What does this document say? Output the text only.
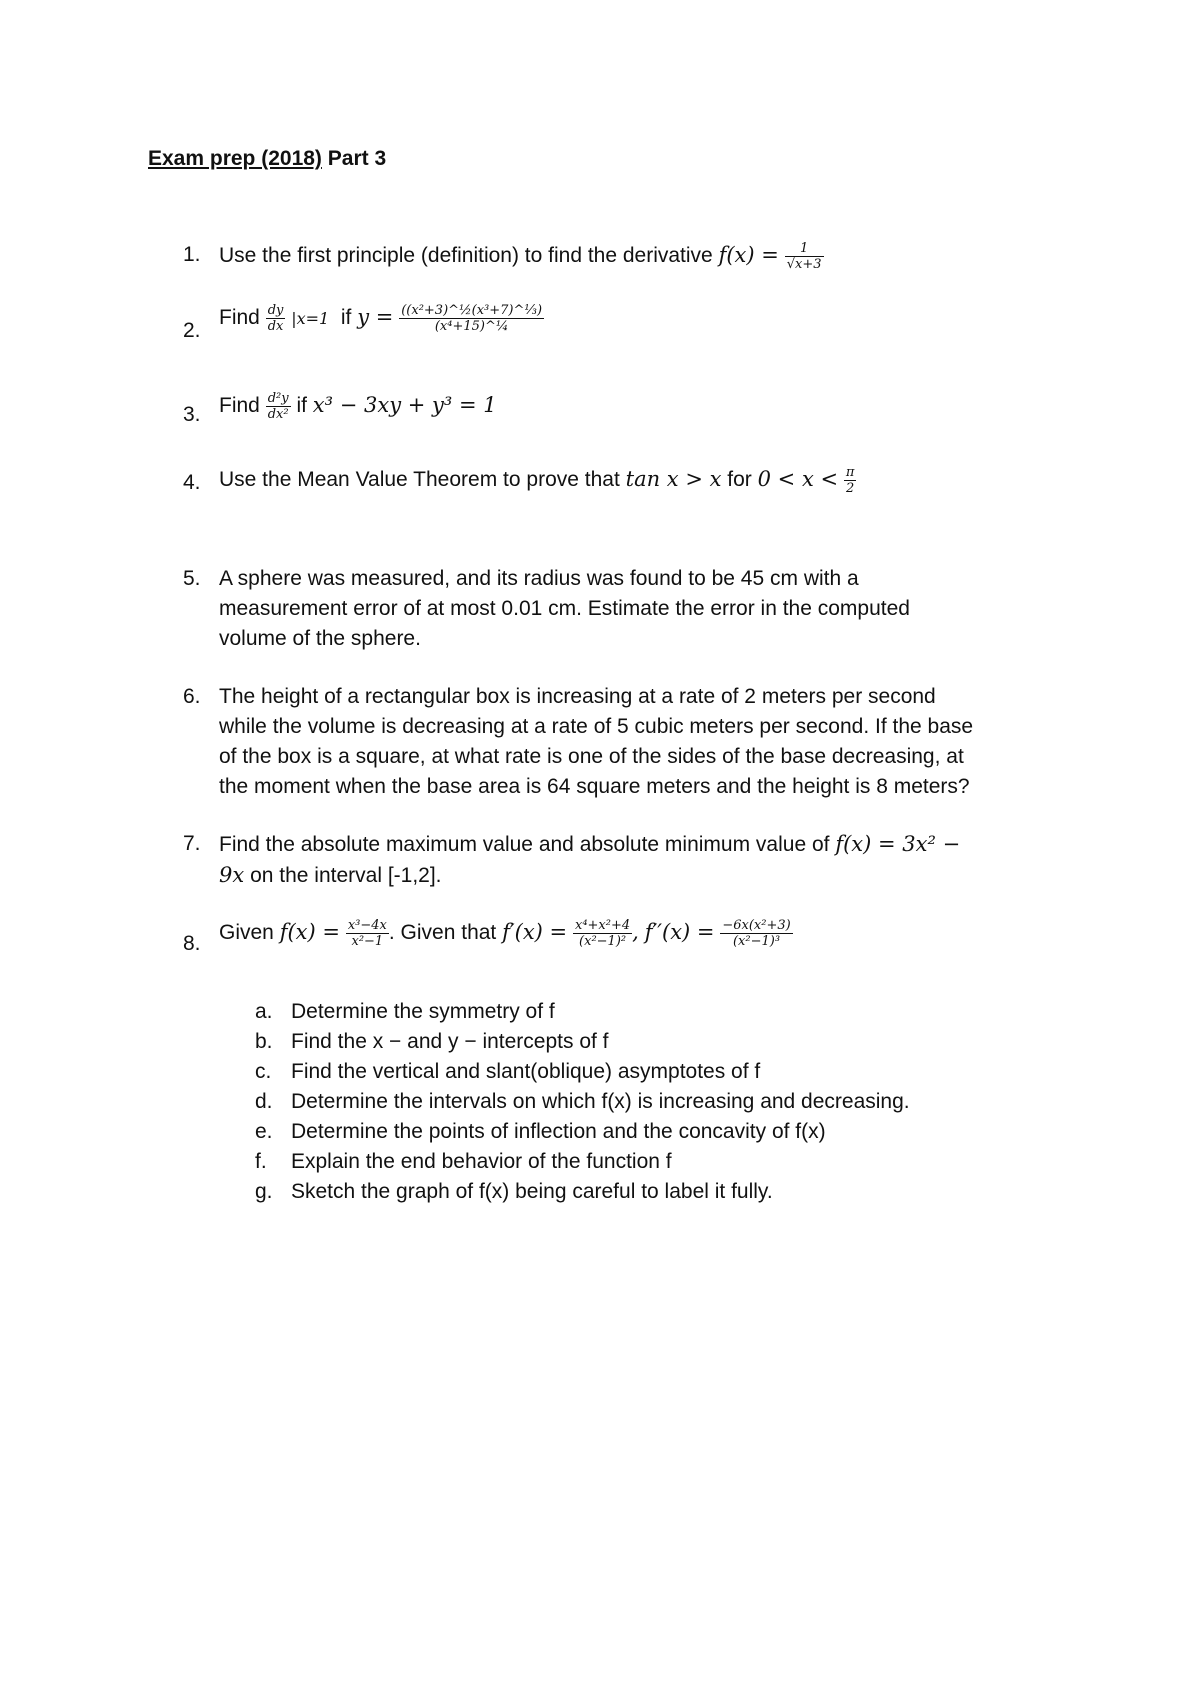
Exam prep (2018) Part 3
1. Use the first principle (definition) to find the derivative $f(x) = \frac{1}{√x+3}$
2.
Find $\frac{dy}{dx} |x=1$ if $y = \frac{\text{((x²+3)\textasciicircum{}½(x³+7)\textasciicircum{}⅓)}}{\text{(x⁴+15)\textasciicircum{}¼}}$
3. Find $\frac{\text{d²y}}{\text{dx²}}$ if x³ − 3xy + y³ = 1
4. Use the Mean Value Theorem to prove that tan x > x for $0 < x < \frac{\pi}{2}$
5. A sphere was measured, and its radius was found to be 45 cm with a
measurement error of at most 0.01 cm. Estimate the error in the computed
volume of the sphere.
6. The height of a rectangular box is increasing at a rate of 2 meters per second
while the volume is decreasing at a rate of 5 cubic meters per second. If the base
of the box is a square, at what rate is one of the sides of the base decreasing, at
the moment when the base area is 64 square meters and the height is 8 meters?
7. Find the absolute maximum value and absolute minimum value of f(x) = 3x² −
9x on the interval [-1,2].
8. Given $f(x) = \frac{\text{x³−4x}}{\text{x²−1}}$ . Given that $f'(x) = \frac{\text{x⁴+x²+4}}{\text{(x²−1)²}}$ , $f''(x) = \frac{\text{−6x(x²+3)}}{\text{(x²−1)³}}$
a. Determine the symmetry of f
b. Find the x − and y − intercepts of f
c. Find the vertical and slant(oblique) asymptotes of f
d. Determine the intervals on which f(x) is increasing and decreasing.
e. Determine the points of inflection and the concavity of f(x)
f.	Explain the end behavior of the function f
g. Sketch the graph of f(x) being careful to label it fully.
